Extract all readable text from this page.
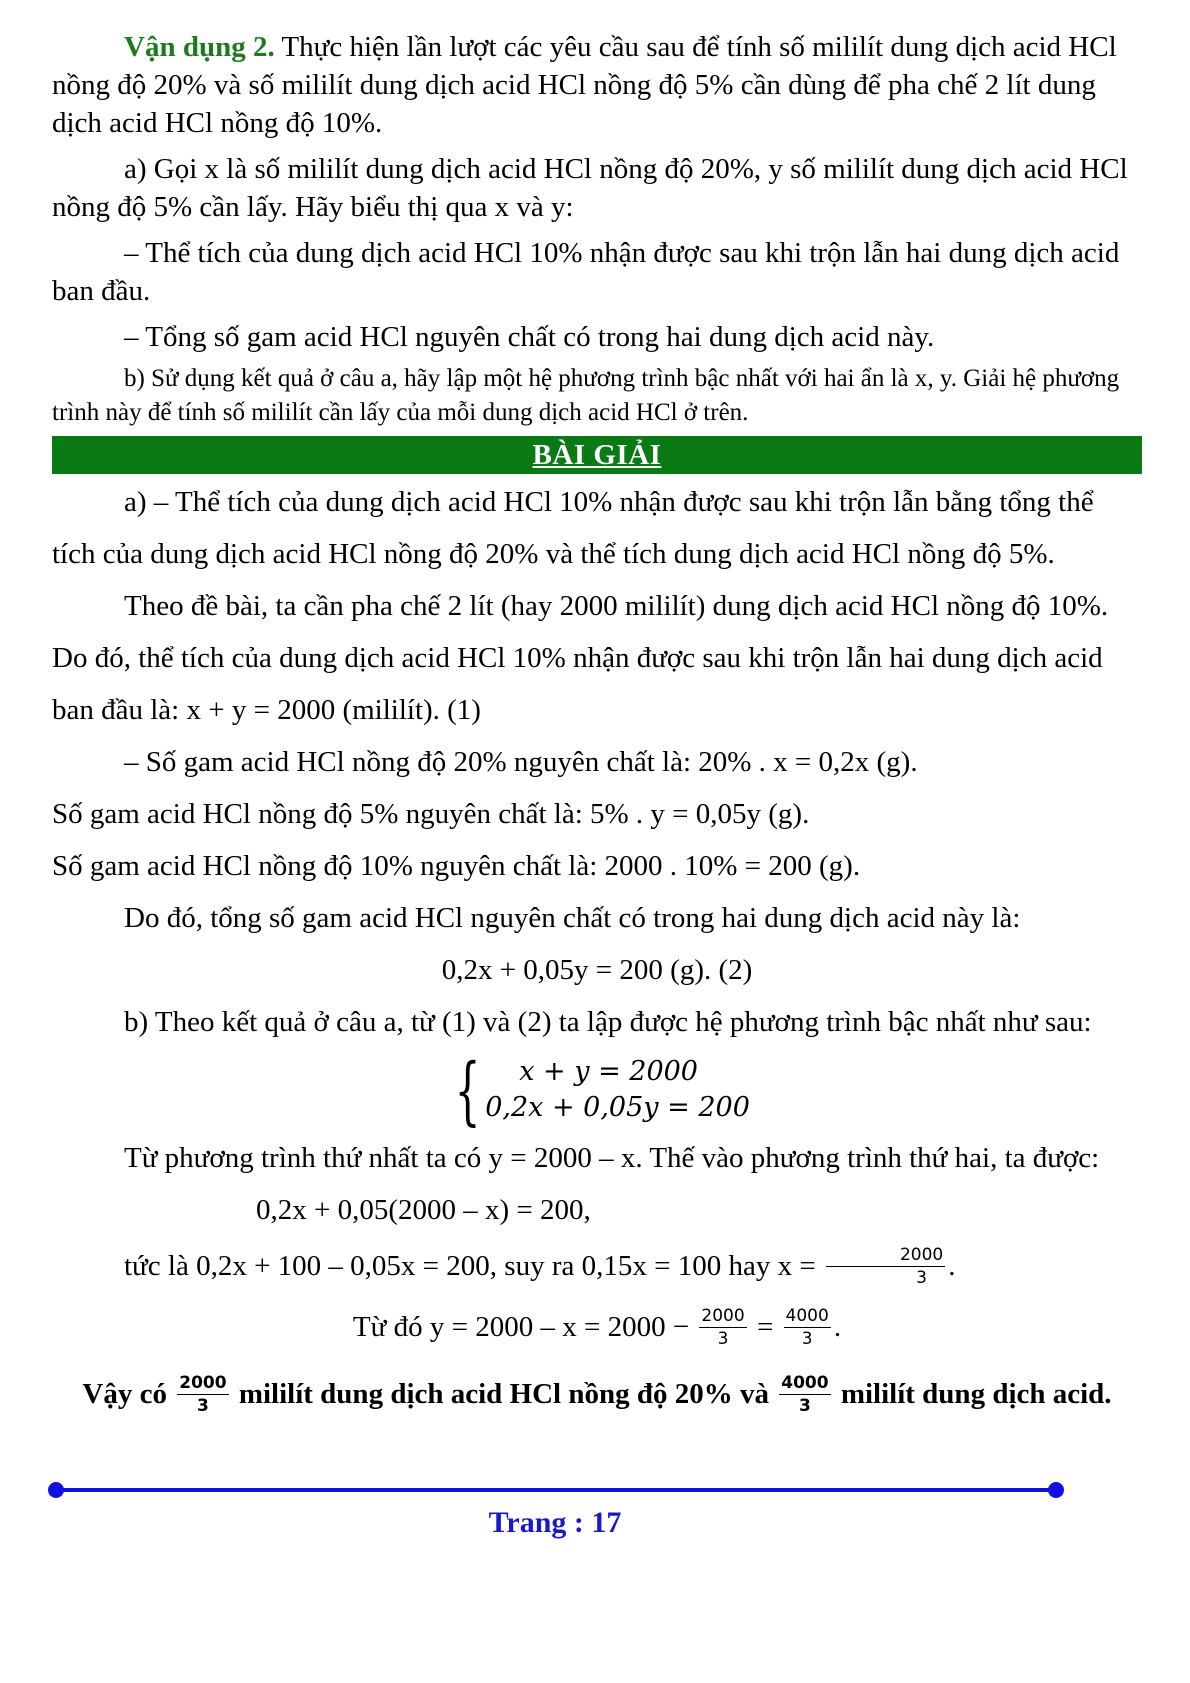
Vận dụng 2. Thực hiện lần lượt các yêu cầu sau để tính số mililít dung dịch acid HCl nồng độ 20% và số mililít dung dịch acid HCl nồng độ 5% cần dùng để pha chế 2 lít dung dịch acid HCl nồng độ 10%.

a) Gọi x là số mililít dung dịch acid HCl nồng độ 20%, y số mililít dung dịch acid HCl nồng độ 5% cần lấy. Hãy biểu thị qua x và y:

– Thể tích của dung dịch acid HCl 10% nhận được sau khi trộn lẫn hai dung dịch acid ban đầu.

– Tổng số gam acid HCl nguyên chất có trong hai dung dịch acid này.

b) Sử dụng kết quả ở câu a, hãy lập một hệ phương trình bậc nhất với hai ẩn là x, y. Giải hệ phương trình này để tính số mililít cần lấy của mỗi dung dịch acid HCl ở trên.

BÀI GIẢI

a) – Thể tích của dung dịch acid HCl 10% nhận được sau khi trộn lẫn bằng tổng thể tích của dung dịch acid HCl nồng độ 20% và thể tích dung dịch acid HCl nồng độ 5%.

Theo đề bài, ta cần pha chế 2 lít (hay 2000 mililít) dung dịch acid HCl nồng độ 10%. Do đó, thể tích của dung dịch acid HCl 10% nhận được sau khi trộn lẫn hai dung dịch acid ban đầu là: x + y = 2000 (mililít). (1)

– Số gam acid HCl nồng độ 20% nguyên chất là: 20% . x = 0,2x (g).

Số gam acid HCl nồng độ 5% nguyên chất là: 5% . y = 0,05y (g).

Số gam acid HCl nồng độ 10% nguyên chất là: 2000 . 10% = 200 (g).

Do đó, tổng số gam acid HCl nguyên chất có trong hai dung dịch acid này là:

0,2x + 0,05y = 200 (g). (2)

b) Theo kết quả ở câu a, từ (1) và (2) ta lập được hệ phương trình bậc nhất như sau:

{	x + y = 2000
0,2x + 0,05y = 200

Từ phương trình thứ nhất ta có y = 2000 – x. Thế vào phương trình thứ hai, ta được:

0,2x + 0,05(2000 – x) = 200,

tức là 0,2x + 100 – 0,05x = 200, suy ra 0,15x = 100 hay $x = \frac{2000}{3}$ .

Từ đó $y = 2000 - x = 2000 - \frac{2000}{3} = \frac{4000}{3}$ .

Vậy có $\frac{2000}{3}$ mililít dung dịch acid HCl nồng độ 20% và $\frac{4000}{3}$ mililít dung dịch acid.

Trang : 17
